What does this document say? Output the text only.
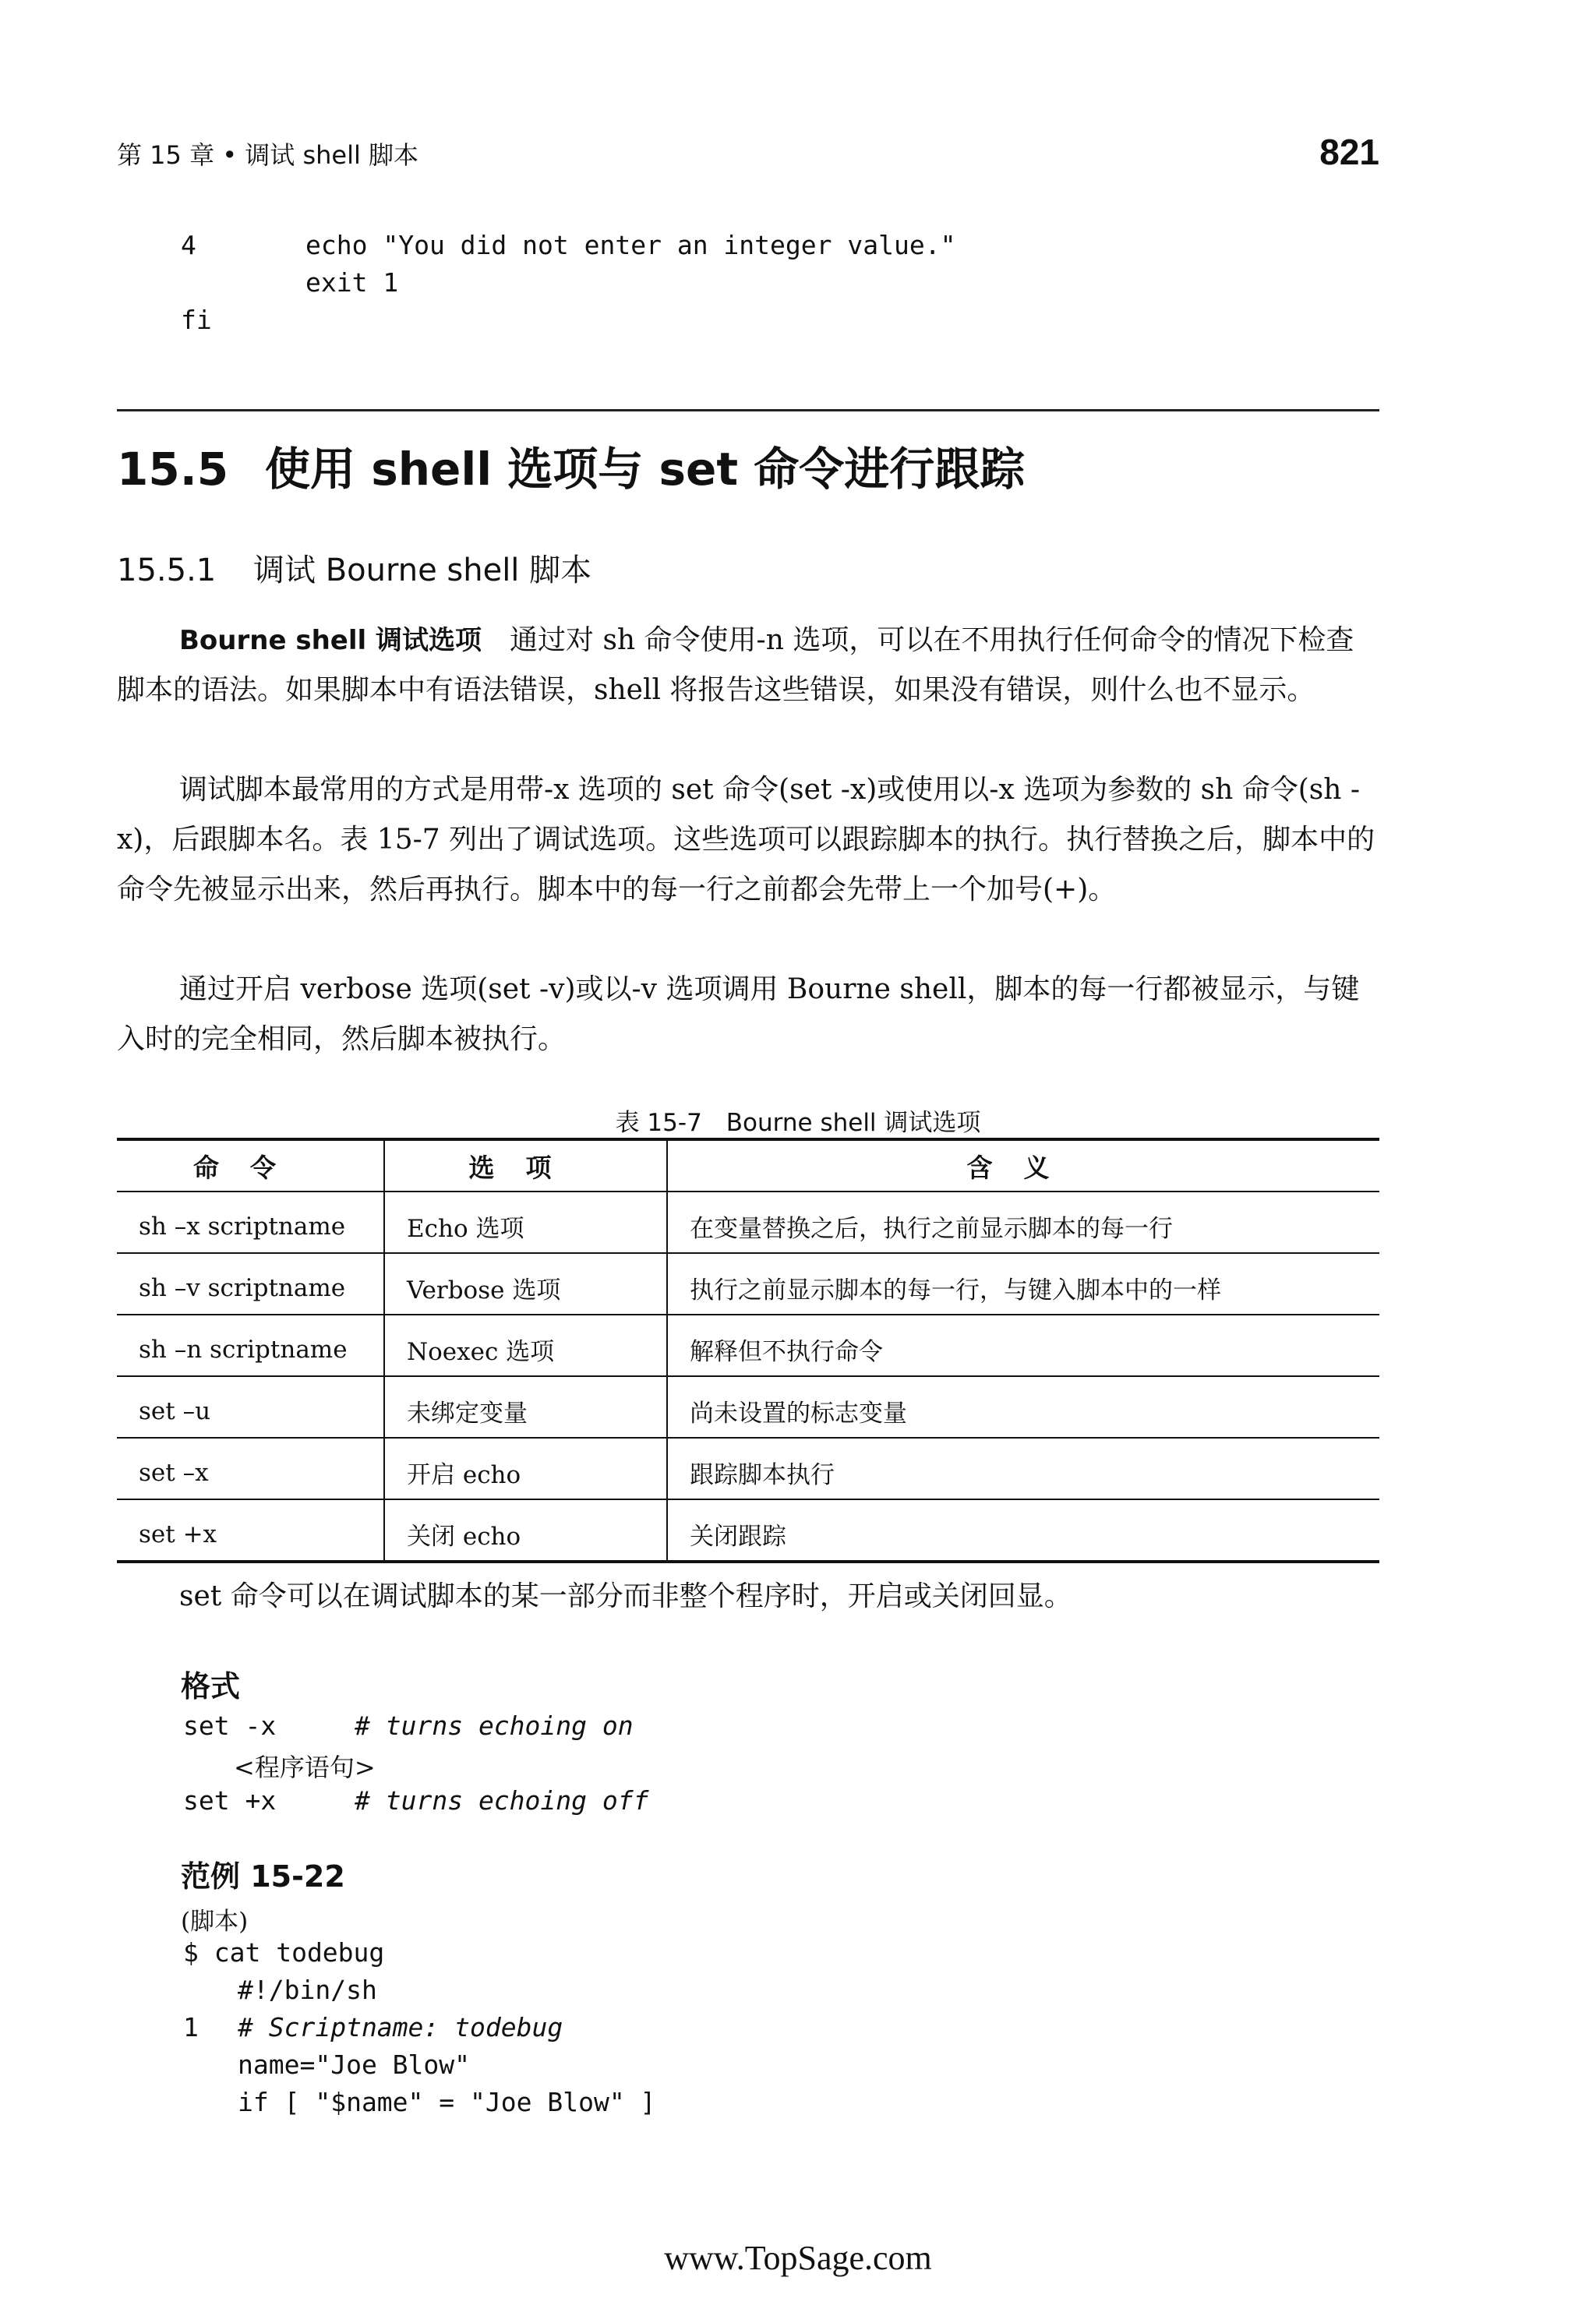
第 15 章 • 调试 shell 脚本	821
4	echo "You did not enter an integer value."
exit 1
fi
15.5 使用 shell 选项与 set 命令进行跟踪
15.5.1 调试 Bourne shell 脚本

Bourne shell 调试选项　通过对 sh 命令使用-n 选项，可以在不用执行任何命令的情况下检查脚本的语法。如果脚本中有语法错误，shell 将报告这些错误，如果没有错误，则什么也不显示。

调试脚本最常用的方式是用带-x 选项的 set 命令(set -x)或使用以-x 选项为参数的 sh 命令(sh -x)，后跟脚本名。表 15-7 列出了调试选项。这些选项可以跟踪脚本的执行。执行替换之后，脚本中的命令先被显示出来，然后再执行。脚本中的每一行之前都会先带上一个加号(+)。

通过开启 verbose 选项(set -v)或以-v 选项调用 Bourne shell，脚本的每一行都被显示，与键入时的完全相同，然后脚本被执行。

表 15-7　Bourne shell 调试选项
命令	选项	含义
sh –x scriptname	Echo 选项	在变量替换之后，执行之前显示脚本的每一行
sh –v scriptname	Verbose 选项	执行之前显示脚本的每一行，与键入脚本中的一样
sh –n scriptname	Noexec 选项	解释但不执行命令
set –u	未绑定变量	尚未设置的标志变量
set –x	开启 echo	跟踪脚本执行
set +x	关闭 echo	关闭跟踪
set 命令可以在调试脚本的某一部分而非整个程序时，开启或关闭回显。
格式
set -x	# turns echoing on
<程序语句>
set +x	# turns echoing off
范例 15-22
(脚本)
$ cat todebug
#!/bin/sh
1 # Scriptname: todebug
name="Joe Blow"
if [ "$name" = "Joe Blow" ]
www.TopSage.com
